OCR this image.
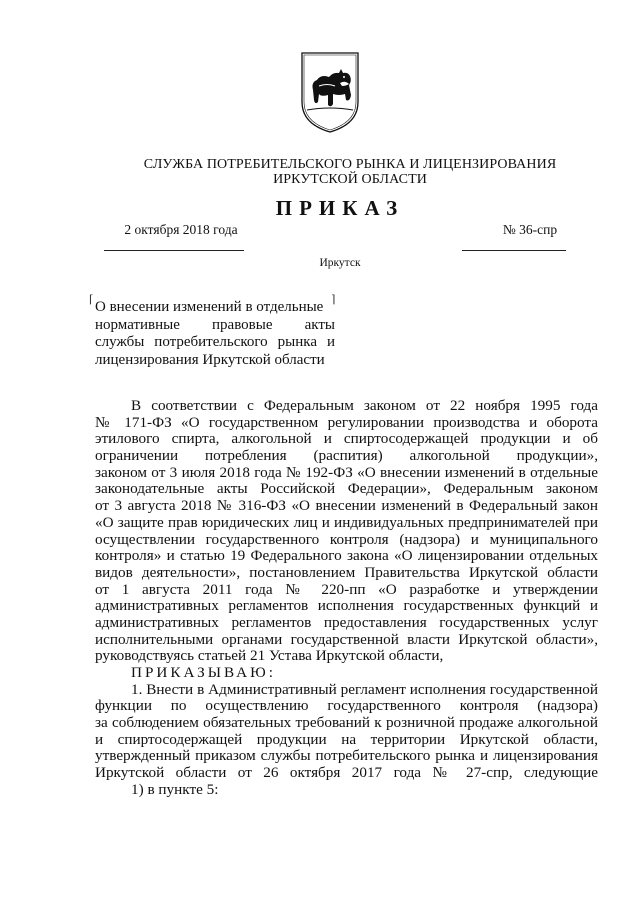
СЛУЖБА ПОТРЕБИТЕЛЬСКОГО РЫНКА И ЛИЦЕНЗИРОВАНИЯ
ИРКУТСКОЙ ОБЛАСТИ
ПРИКАЗ
2 октября 2018 года	№ 36-спр
Иркутск
⌈	⌉
О внесении изменений в отдельные
нормативные правовые акты
службы потребительского рынка и
лицензирования Иркутской области
В соответствии с Федеральным законом от 22 ноября 1995 года
№ 171-ФЗ «О государственном регулировании производства и оборота
этилового спирта, алкогольной и спиртосодержащей продукции и об
ограничении потребления (распития) алкогольной продукции»,
законом от 3 июля 2018 года № 192-ФЗ «О внесении изменений в отдельные
законодательные акты Российской Федерации», Федеральным законом
от 3 августа 2018 № 316-ФЗ «О внесении изменений в Федеральный закон
«О защите прав юридических лиц и индивидуальных предпринимателей при
осуществлении государственного контроля (надзора) и муниципального
контроля» и статью 19 Федерального закона «О лицензировании отдельных
видов деятельности», постановлением Правительства Иркутской области
от 1 августа 2011 года № 220-пп «О разработке и утверждении
административных регламентов исполнения государственных функций и
административных регламентов предоставления государственных услуг
исполнительными органами государственной власти Иркутской области»,
руководствуясь статьей 21 Устава Иркутской области,
ПРИКАЗЫВАЮ:
1. Внести в Административный регламент исполнения государственной
функции по осуществлению государственного контроля (надзора)
за соблюдением обязательных требований к розничной продаже алкогольной
и спиртосодержащей продукции на территории Иркутской области,
утвержденный приказом службы потребительского рынка и лицензирования
Иркутской области от 26 октября 2017 года № 27-спр, следующие
1) в пункте 5:
